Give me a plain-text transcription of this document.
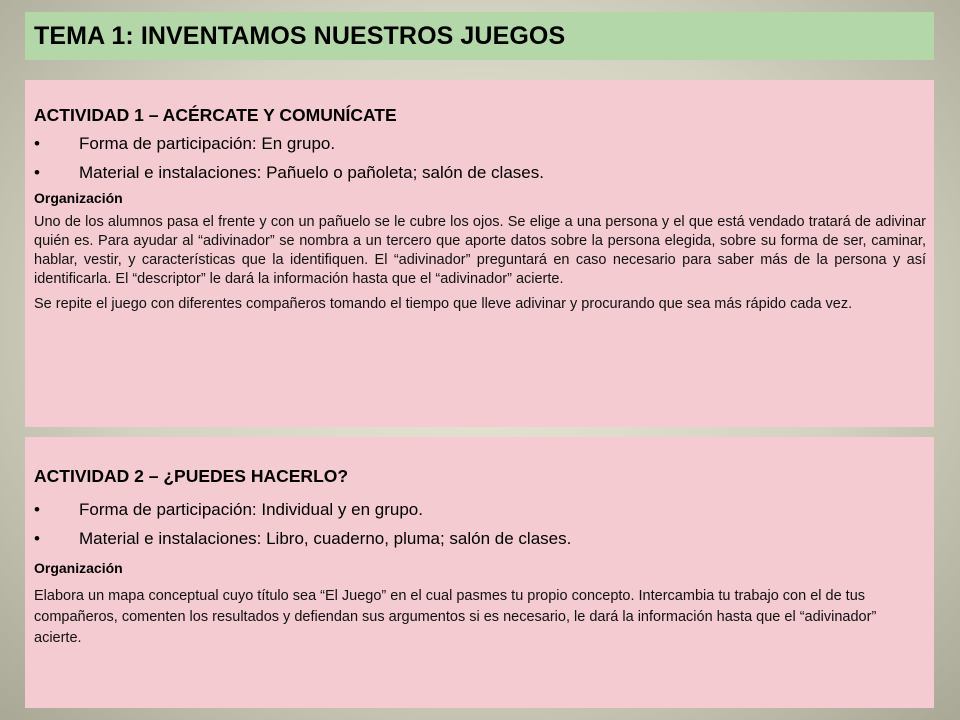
TEMA 1: INVENTAMOS NUESTROS JUEGOS
ACTIVIDAD 1 – ACÉRCATE Y COMUNÍCATE
•	Forma de participación: En grupo.
•	Material e instalaciones: Pañuelo o pañoleta; salón de clases.
Organización

Uno de los alumnos pasa el frente y con un pañuelo se le cubre los ojos. Se elige a una persona y el que está vendado tratará de adivinar quién es. Para ayudar al “adivinador” se nombra a un tercero que aporte datos sobre la persona elegida, sobre su forma de ser, caminar, hablar, vestir, y características que la identifiquen. El “adivinador” preguntará en caso necesario para saber más de la persona y así identificarla. El “descriptor” le dará la información hasta que el “adivinador” acierte.

Se repite el juego con diferentes compañeros tomando el tiempo que lleve adivinar y procurando que sea más rápido cada vez.

ACTIVIDAD 2 – ¿PUEDES HACERLO?
•	Forma de participación: Individual y en grupo.
•	Material e instalaciones: Libro, cuaderno, pluma; salón de clases.
Organización

Elabora un mapa conceptual cuyo título sea “El Juego” en el cual pasmes tu propio concepto. Intercambia tu trabajo con el de tus compañeros, comenten los resultados y defiendan sus argumentos si es necesario, le dará la información hasta que el “adivinador” acierte.
